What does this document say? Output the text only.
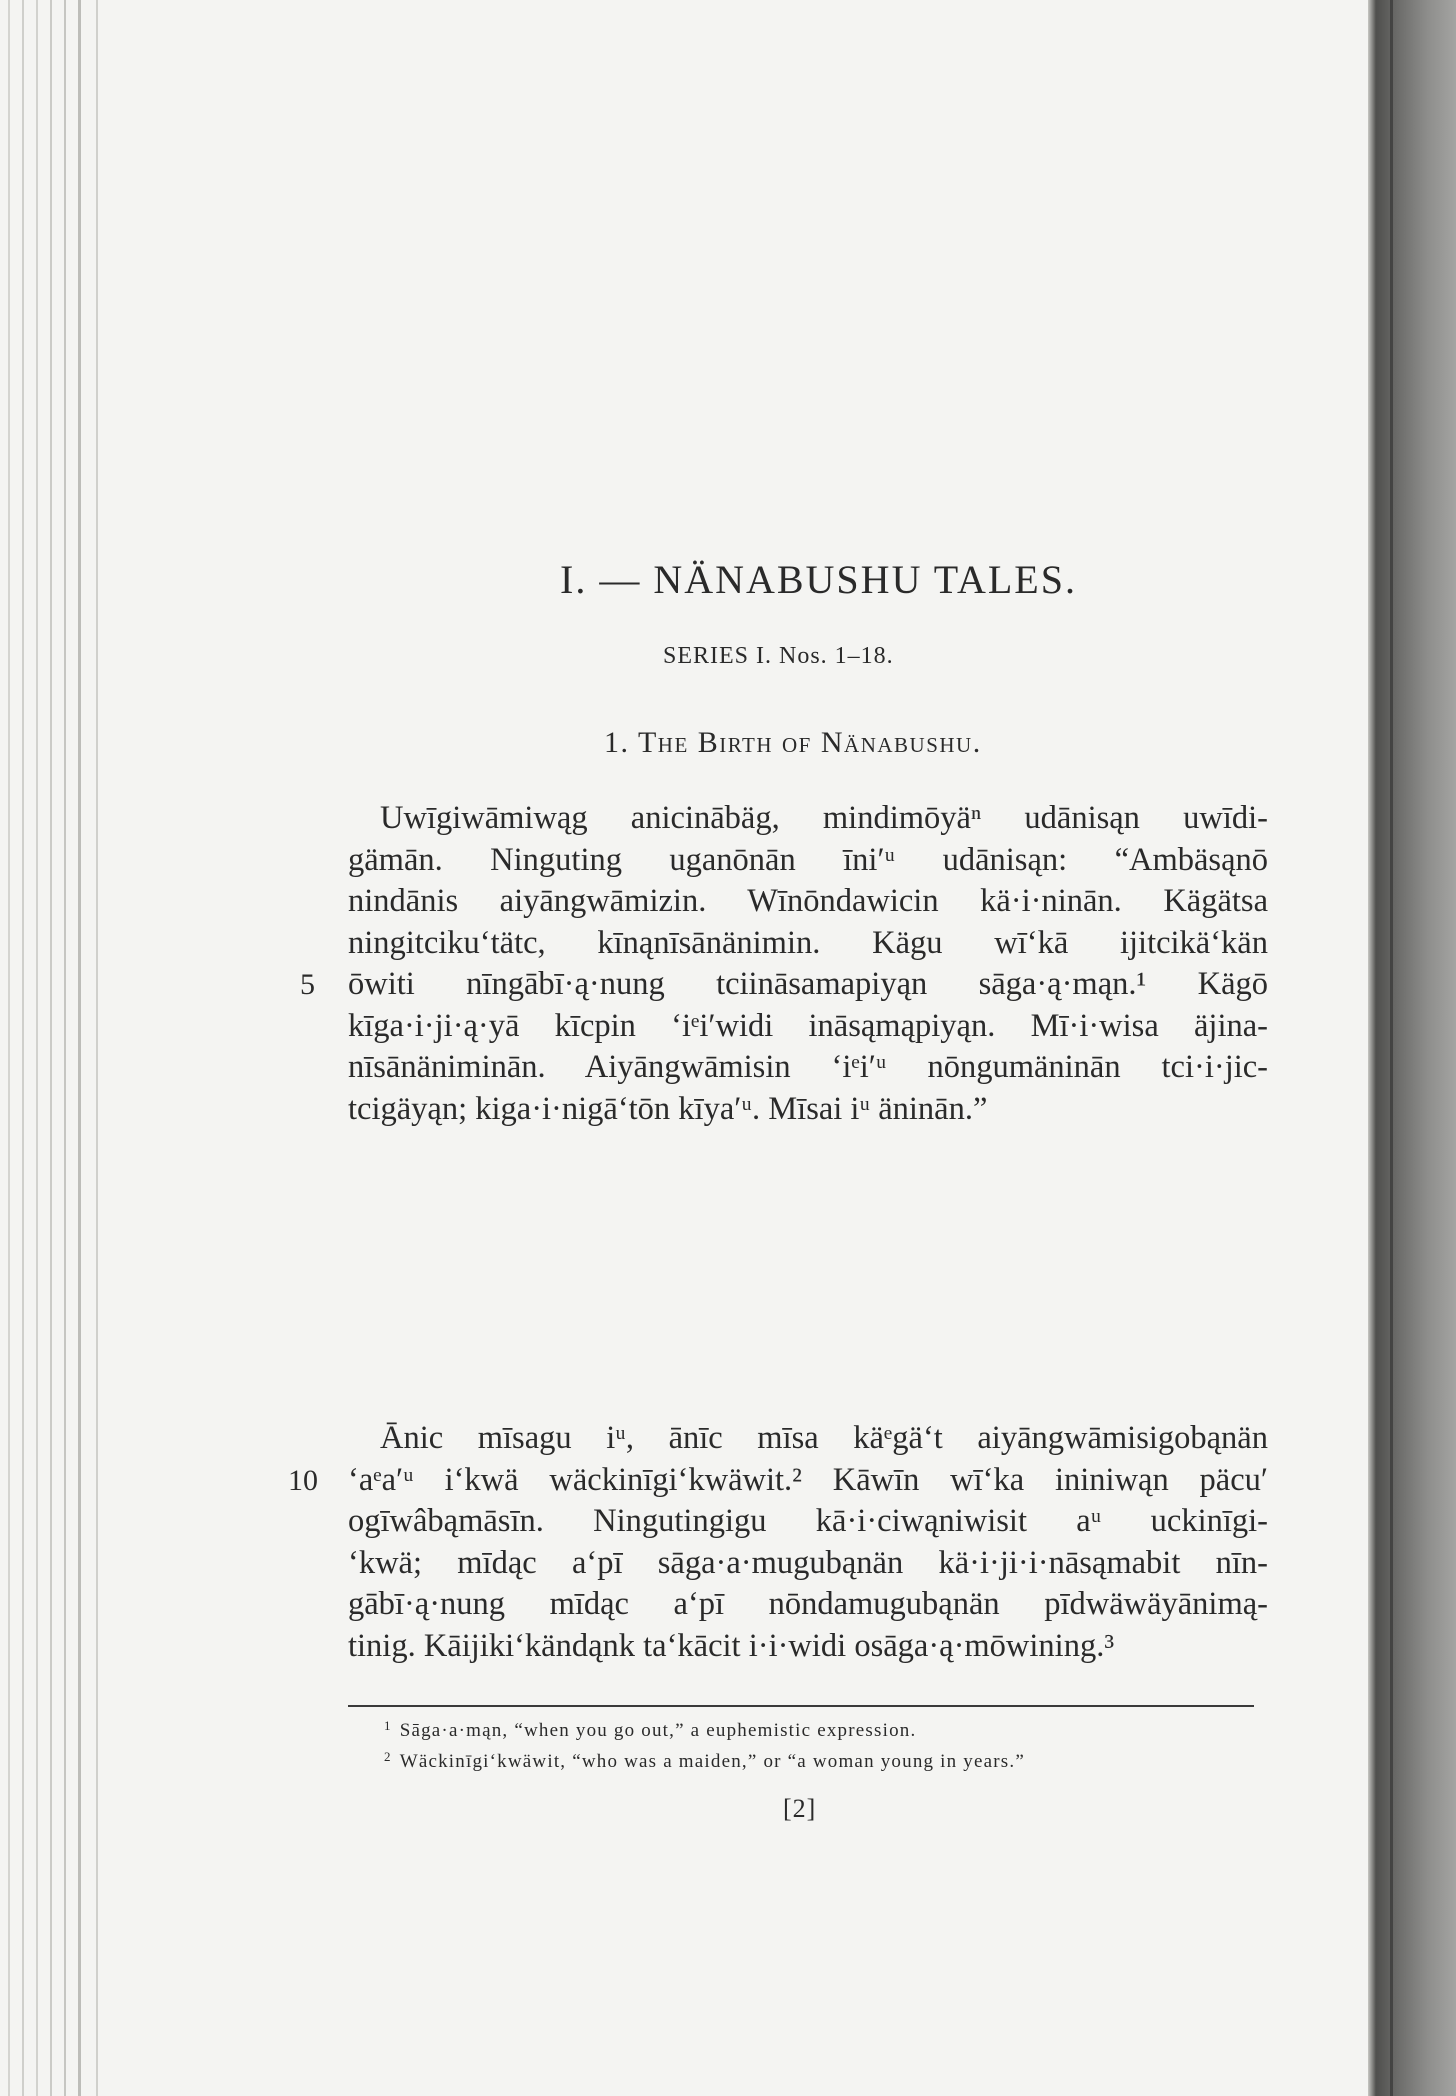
I. — NÄNABUSHU TALES.
SERIES I. Nos. 1–18.
1. The Birth of Nänabushu.
Uwīgiwāmiwąg anicinābäg, mindimōyäⁿ udānisąn uwīdi-
gämān. Ninguting uganōnān īni′ᵘ udānisąn: “Ambäsąnō
nindānis aiyāngwāmizin. Wīnōndawicin kä·i·ninān. Kägätsa
ningitciku‘tätc, kīnąnīsānänimin. Kägu wī‘kā ijitcikä‘kän
5 ōwiti nīngābī·ą·nung tciināsamapiyąn sāga·ą·mąn.¹ Kägō
kīga·i·ji·ą·yā kīcpin ‘iᵉi′widi ināsąmąpiyąn. Mī·i·wisa äjina-
nīsānäniminān. Aiyāngwāmisin ‘iᵉi′ᵘ nōngumäninān tci·i·jic-
tcigäyąn; kiga·i·nigā‘tōn kīya′ᵘ. Mīsai iᵘ äninān.”
Ānic mīsagu iᵘ, ānīc mīsa käᵉgä‘t aiyāngwāmisigobąnän
10 ‘aᵉa′ᵘ i‘kwä wäckinīgi‘kwäwit.² Kāwīn wī‘ka ininiwąn päcu′
ogīwâbąmāsīn. Ningutingigu kā·i·ciwąniwisit aᵘ uckinīgi-
‘kwä; mīdąc a‘pī sāga·a·mugubąnän kä·i·ji·i·nāsąmabit nīn-
gābī·ą·nung mīdąc a‘pī nōndamugubąnän pīdwäwäyānimą-
tinig. Kāijiki‘kändąnk ta‘kācit i·i·widi osāga·ą·mōwining.³
$^1$ Sāga·a·mąn, “when you go out,” a euphemistic expression.
$^2$ Wäckinīgi‘kwäwit, “who was a maiden,” or “a woman young in years.”
[2]
